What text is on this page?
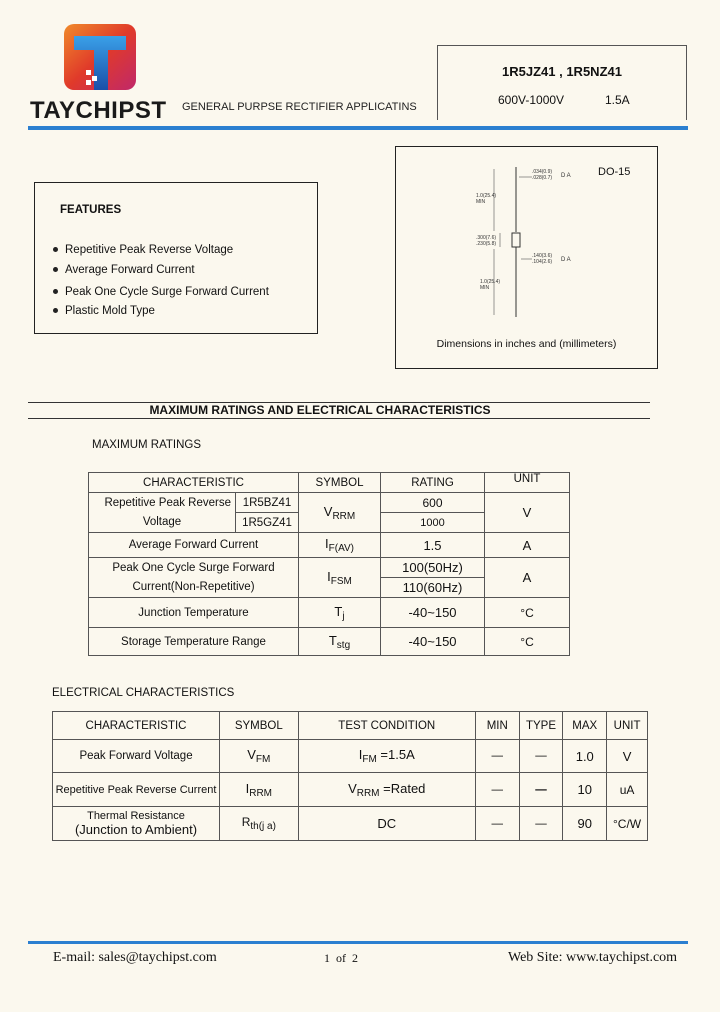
TAYCHIPST GENERAL PURPSE RECTIFIER APPLICATINS
1R5JZ41 , 1R5NZ41
600V-1000V	1.5A
FEATURES
Repetitive Peak Reverse Voltage
Average Forward Current
Peak One Cycle Surge Forward Current
Plastic Mold Type
DO-15
.034(0.9)
.028(0.7) D A
1.0(25.4)
MIN
.300(7.6)
.230(5.8)
.140(3.6)
.104(2.6) D A
1.0(25.4)
MIN
Dimensions in inches and (millimeters)
MAXIMUM RATINGS AND ELECTRICAL CHARACTERISTICS
MAXIMUM RATINGS
CHARACTERISTIC		SYMBOL	RATING	UNIT
Repetitive Peak Reverse	1R5BZ41	$V_{RRM}$	600	V
Voltage	1R5GZ41		1000	
Average Forward Current		$I_{F(AV)}$	1.5	A
Peak One Cycle Surge Forward		$I_{FSM}$	100(50Hz)	A
Current(Non-Repetitive)			110(60Hz)	
Junction Temperature		$T_j$	-40~150	°C
Storage Temperature Range		$T_{stg}$	-40~150	°C
ELECTRICAL CHARACTERISTICS
CHARACTERISTIC	SYMBOL	TEST CONDITION	MIN	TYPE	MAX	UNIT
Peak Forward Voltage	$V_{FM}$	$I_{FM} =1.5A$	—	—	1.0	V
Repetitive Peak Reverse Current	$I_{RRM}$	$V_{RRM}$ =Rated	—	—	10	uA

Thermal Resistance
(Junction to Ambient)	$R_{th(j a)}$	DC	—	—	90	°C/W
E-mail: sales@taychipst.com	1  of  2	Web Site: www.taychipst.com
